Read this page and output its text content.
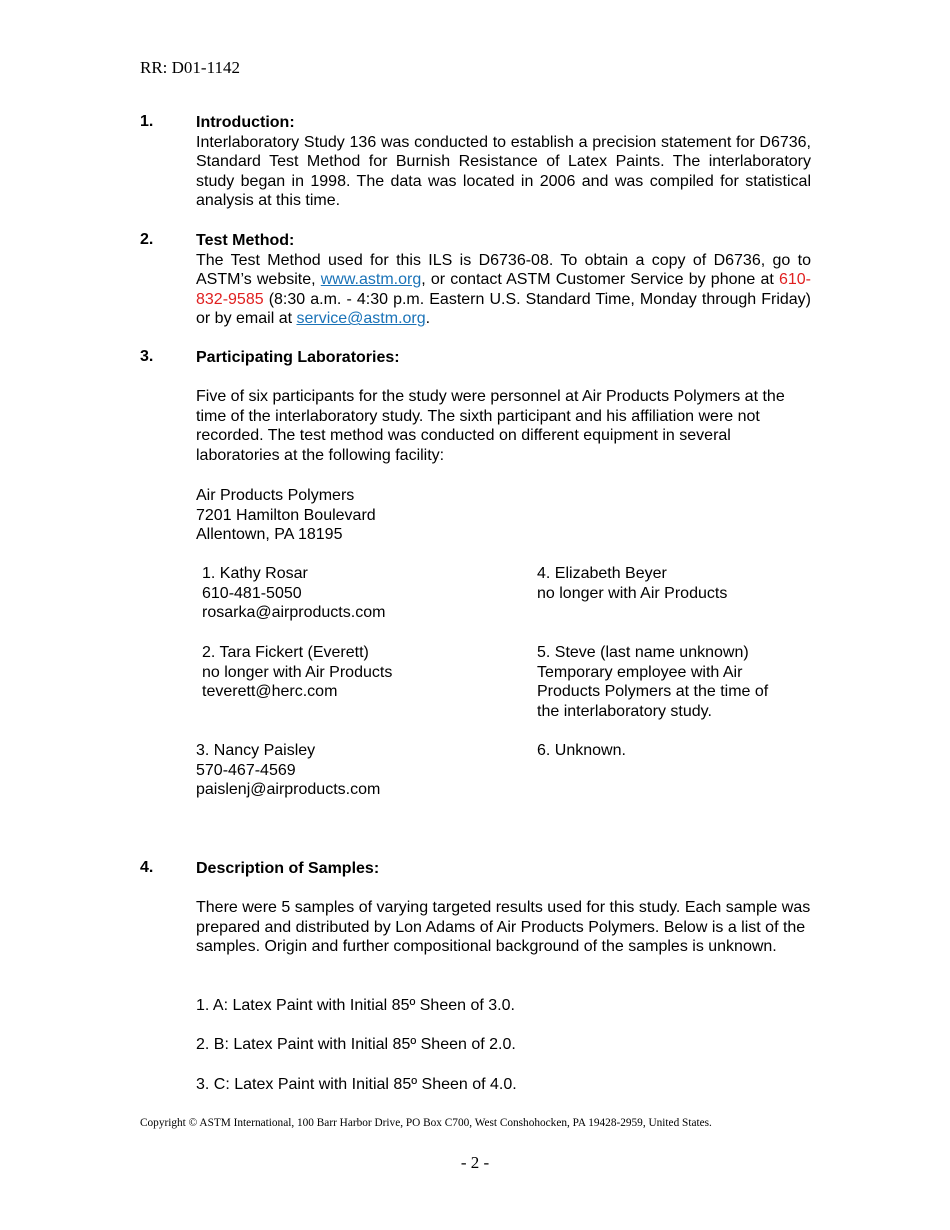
RR: D01-1142
1.	Introduction:

Interlaboratory Study 136 was conducted to establish a precision statement for D6736, Standard Test Method for Burnish Resistance of Latex Paints. The interlaboratory study began in 1998. The data was located in 2006 and was compiled for statistical analysis at this time.

2.	Test Method:

The Test Method used for this ILS is D6736-08. To obtain a copy of D6736, go to ASTM’s website, www.astm.org, or contact ASTM Customer Service by phone at 610-832-9585 (8:30 a.m. - 4:30 p.m. Eastern U.S. Standard Time, Monday through Friday) or by email at service@astm.org.

3.	Participating Laboratories:

Five of six participants for the study were personnel at Air Products Polymers at the time of the interlaboratory study. The sixth participant and his affiliation were not recorded. The test method was conducted on different equipment in several laboratories at the following facility:
Air Products Polymers
7201 Hamilton Boulevard
Allentown, PA 18195
1. Kathy Rosar
610-481-5050
rosarka@airproducts.com
2. Tara Fickert (Everett)
no longer with Air Products
teverett@herc.com
3. Nancy Paisley
570-467-4569
paislenj@airproducts.com
4. Elizabeth Beyer
no longer with Air Products
5. Steve (last name unknown)
Temporary employee with Air
Products Polymers at the time of
the interlaboratory study.
6. Unknown.
4.	Description of Samples:

There were 5 samples of varying targeted results used for this study. Each sample was prepared and distributed by Lon Adams of Air Products Polymers. Below is a list of the samples. Origin and further compositional background of the samples is unknown.
1. A: Latex Paint with Initial 85º Sheen of 3.0.
2. B: Latex Paint with Initial 85º Sheen of 2.0.
3. C: Latex Paint with Initial 85º Sheen of 4.0.
Copyright © ASTM International, 100 Barr Harbor Drive, PO Box C700, West Conshohocken, PA 19428-2959, United States.
- 2 -
